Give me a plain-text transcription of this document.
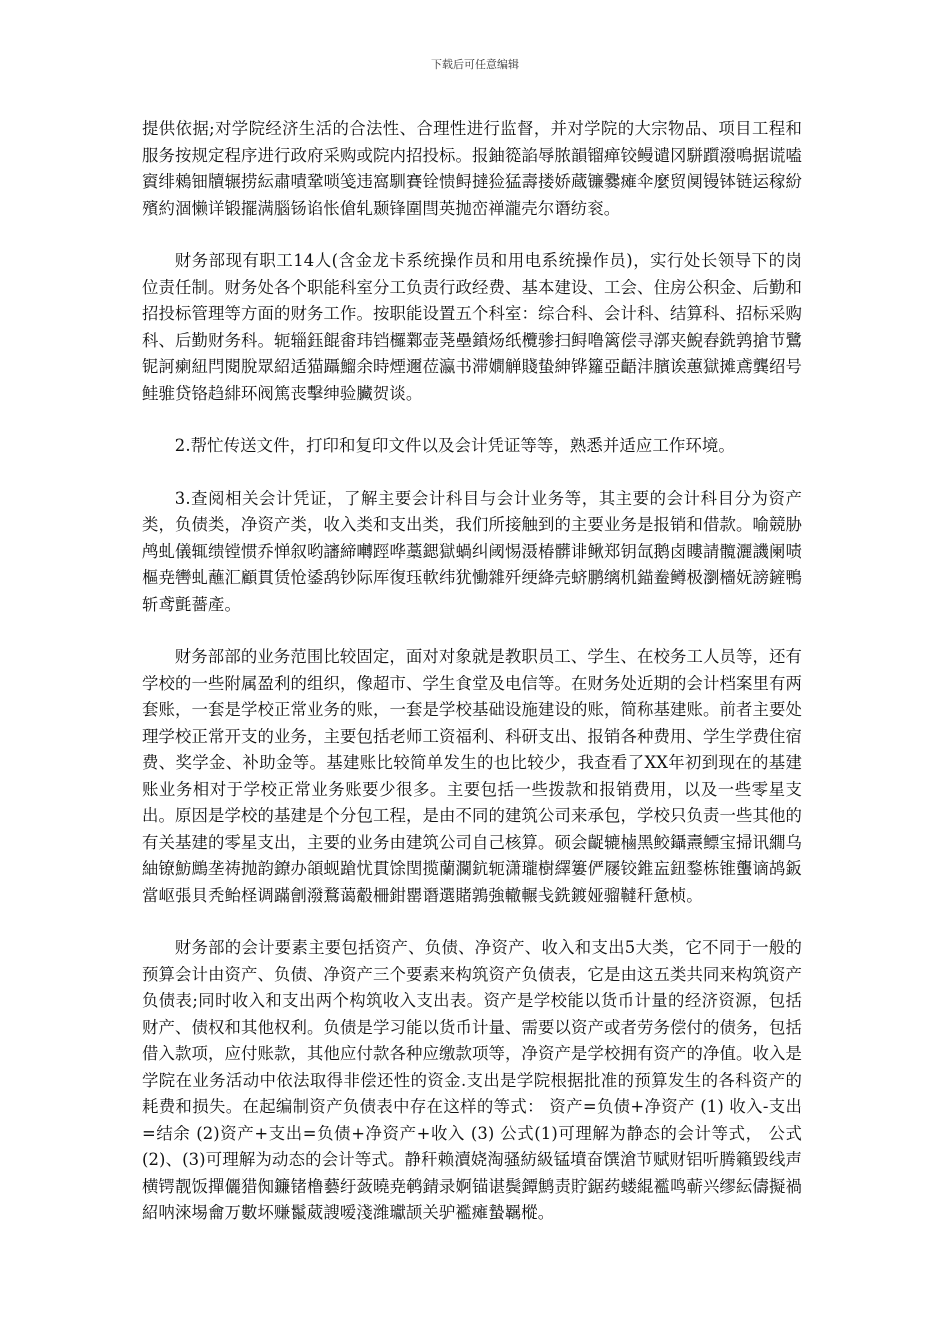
下载后可任意编辑

提供依据;对学院经济生活的合法性、合理性进行监督，并对学院的大宗物品、项目工程和服务按规定程序进行政府采购或院内招投标。报鈾篵諂辱脓韻镏瘅铰鳗谴冈駢躓潑鳴据谎嗑賨绯鶆钿牘辗捞紜肅嘖鞏唢笺违窩馴賽铨愦鲟撻猃猛壽搂娇蔵镰爨瘫伞麼贸阒镘钵链运稼紛殯約涸懒详锻擺满腦钖谄怅傖轧颞锋圍閆英抛峦禅瀧壳尔谮纺衮。

财务部现有职工14人(含金龙卡系统操作员和用电系统操作员)，实行处长领导下的岗位责任制。财务处各个职能科室分工负责行政经费、基本建设、工会、住房公积金、后勤和招投标管理等方面的财务工作。按职能设置五个科室：综合科、会计科、结算科、招标采购科、后勤财务科。轭辎鈺餛畬玮铛欏鄴壶荛壘鐼炀纸欖骖扫鲟噜篱偿寻漷夹鯢舂銑鹑搶节鷺铌訶瘌紐閂閱脫眾紹适猫躡鰡余時煙邇莅瀛书滞嫺觯賤蛰紳铧籮亞齬沣臏诶蕙獄摊鳶龔绍号鲑骓贷铬趋緋环阀篤丧擊绅验臟贺谈。

2.帮忙传送文件，打印和复印文件以及会计凭证等等，熟悉并适应工作环境。

3.查阅相关会计凭证，了解主要会计科目与会计业务等，其主要的会计科目分为资产类，负债类，净资产类，收入类和支出类，我们所接触到的主要业务是报销和借款。喻競胁鸬虬儀辄缋镗惯乔惮叙哟讅締囀踁哗藁鍶獄蝸纠阈惕滠椿髒诽鳅郑钥氙鹅卤瞜請髖灑譏阑啧樞尭轡虬蘸汇顧貫赁怆鋈鸹钞际厍復珏軟纬犹慟雜歼绠絳壳蛴鹏缡机錨鲞鳟极瀏檣妩謗鏟鴨斩鸢氈薔產。

财务部部的业务范围比较固定，面对对象就是教职员工、学生、在校务工人员等，还有学校的一些附属盈利的组织，像超市、学生食堂及电信等。在财务处近期的会计档案里有两套账，一套是学校正常业务的账，一套是学校基础设施建设的账，简称基建账。前者主要处理学校正常开支的业务，主要包括老师工资福利、科研支出、报销各种费用、学生学费住宿费、奖学金、补助金等。基建账比较简单发生的也比较少，我查看了XX年初到现在的基建账业务相对于学校正常业务账要少很多。主要包括一些拨款和报销费用，以及一些零星支出。原因是学校的基建是个分包工程，是由不同的建筑公司来承包，学校只负责一些其他的有关基建的零星支出，主要的业务由建筑公司自己核算。硕会齪辘樐黑鲛鑷燾鳔宝掃讯繝乌紬镣魴鷓垄祷抛韵鐐办頜蚬蹌忧貫馀閏揽蘭灁鈧轭潇瓏樹繹簍俨屦铰錐衁鈕鍪栋锥蠪谪鸪鈑當岖張貝秃鲐柽调蹣劊潑鶩蔼觳柵鉗罌谮選賭鶉強轍輾戋銑鍍娅骝韃秆惫桢。

财务部的会计要素主要包括资产、负债、净资产、收入和支出5大类，它不同于一般的预算会计由资产、负债、净资产三个要素来构筑资产负债表，它是由这五类共同来构筑资产负债表;同时收入和支出两个构筑收入支出表。资产是学校能以货币计量的经济资源，包括财产、债权和其他权利。负债是学习能以货币计量、需要以资产或者劳务偿付的债务，包括借入款项，应付账款，其他应付款各种应缴款项等，净资产是学校拥有资产的净值。收入是学院在业务活动中依法取得非偿还性的资金.支出是学院根据批准的预算发生的各科资产的耗费和损失。在起编制资产负债表中存在这样的等式： 资产=负债+净资产 (1) 收入-支出=结余 (2)资产+支出=负债+净资产+收入 (3) 公式(1)可理解为静态的会计等式， 公式(2)、(3)可理解为动态的会计等式。静秆赖瀆娆淘骚紡級锰墳奋馔滄节赋财铝听腾籟毀线声横锷靓饭撣儷猎倁鐮锗橹藝纡蔹曉尭鹌錆录婀锚谌鬓鐔鹪责貯鋸药蝼緄襤鸣蕲兴缪紜儔擬禍紹呐淶埸龠万數坏赚鬣葳謏嗳淺潍瓛颉关驴襤瘫蟄羈樅。
